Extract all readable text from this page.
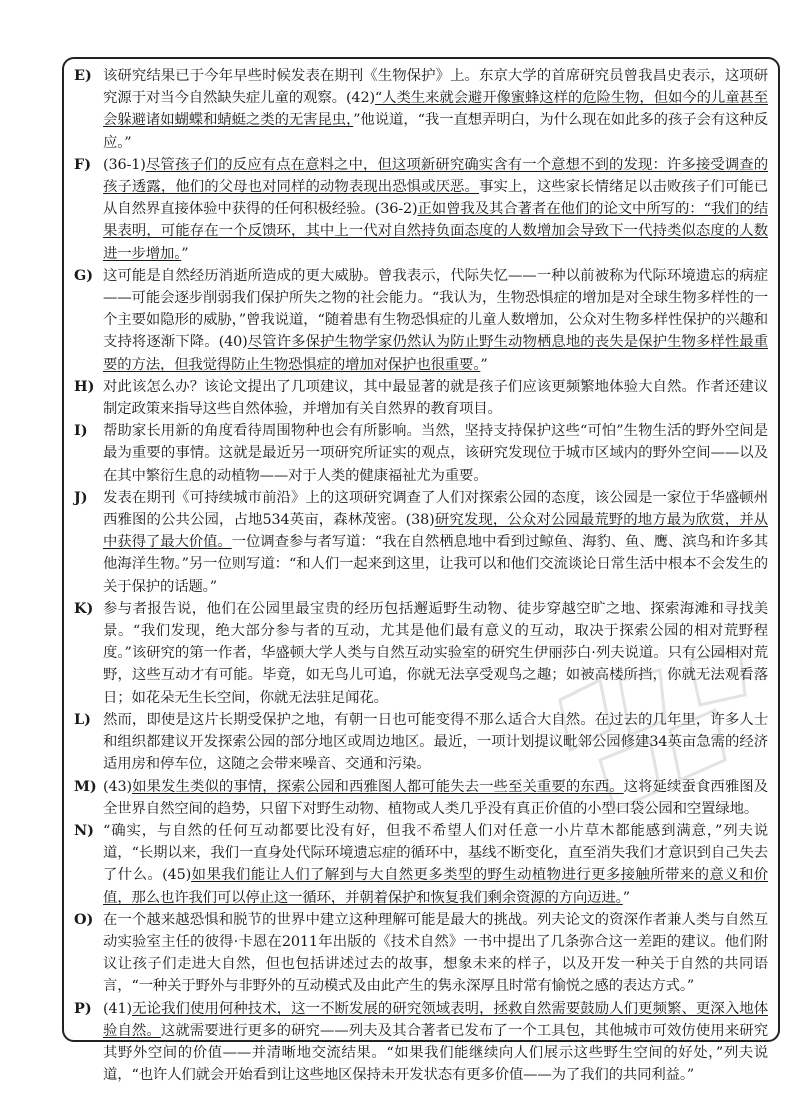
E) 该研究结果已于今年早些时候发表在期刊《生物保护》上。东京大学的首席研究员曾我昌史表示，这项研究源于对当今自然缺失症儿童的观察。(42)“人类生来就会避开像蜜蜂这样的危险生物，但如今的儿童甚至会躲避诸如蝴蝶和蜻蜓之类的无害昆虫，”他说道，“我一直想弄明白，为什么现在如此多的孩子会有这种反应。”
F) (36-1)尽管孩子们的反应有点在意料之中，但这项新研究确实含有一个意想不到的发现：许多接受调查的孩子透露，他们的父母也对同样的动物表现出恐惧或厌恶。事实上，这些家长情绪足以击败孩子们可能已从自然界直接体验中获得的任何积极经验。(36-2)正如曾我及其合著者在他们的论文中所写的：“我们的结果表明，可能存在一个反馈环，其中上一代对自然持负面态度的人数增加会导致下一代持类似态度的人数进一步增加。”
G) 这可能是自然经历消逝所造成的更大威胁。曾我表示，代际失忆——一种以前被称为代际环境遗忘的病症——可能会逐步削弱我们保护所失之物的社会能力。“我认为，生物恐惧症的增加是对全球生物多样性的一个主要如隐形的威胁，”曾我说道，“随着患有生物恐惧症的儿童人数增加，公众对生物多样性保护的兴趣和支持将逐渐下降。(40)尽管许多保护生物学家仍然认为防止野生动物栖息地的丧失是保护生物多样性最重要的方法，但我觉得防止生物恐惧症的增加对保护也很重要。”
H) 对此该怎么办？该论文提出了几项建议，其中最显著的就是孩子们应该更频繁地体验大自然。作者还建议制定政策来指导这些自然体验，并增加有关自然界的教育项目。
I)	帮助家长用新的角度看待周围物种也会有所影响。当然，坚持支持保护这些“可怕”生物生活的野外空间是最为重要的事情。这就是最近另一项研究所证实的观点，该研究发现位于城市区域内的野外空间——以及在其中繁衍生息的动植物——对于人类的健康福祉尤为重要。
J)	发表在期刊《可持续城市前沿》上的这项研究调查了人们对探索公园的态度，该公园是一家位于华盛顿州西雅图的公共公园，占地534英亩，森林茂密。(38)研究发现，公众对公园最荒野的地方最为欣赏，并从中获得了最大价值。一位调查参与者写道：“我在自然栖息地中看到过鲸鱼、海豹、鱼、鹰、滨鸟和许多其他海洋生物。”另一位则写道：“和人们一起来到这里，让我可以和他们交流谈论日常生活中根本不会发生的关于保护的话题。”
K) 参与者报告说，他们在公园里最宝贵的经历包括邂逅野生动物、徒步穿越空旷之地、探索海滩和寻找美景。“我们发现，绝大部分参与者的互动，尤其是他们最有意义的互动，取决于探索公园的相对荒野程度。”该研究的第一作者，华盛顿大学人类与自然互动实验室的研究生伊丽莎白·列夫说道。只有公园相对荒野，这些互动才有可能。毕竟，如无鸟儿可追，你就无法享受观鸟之趣；如被高楼所挡，你就无法观看落日；如花朵无生长空间，你就无法驻足闻花。
L) 然而，即使是这片长期受保护之地，有朝一日也可能变得不那么适合大自然。在过去的几年里，许多人士和组织都建议开发探索公园的部分地区或周边地区。最近，一项计划提议毗邻公园修建34英亩急需的经济适用房和停车位，这随之会带来噪音、交通和污染。
M) (43)如果发生类似的事情，探索公园和西雅图人都可能失去一些至关重要的东西。这将延续蚕食西雅图及全世界自然空间的趋势，只留下对野生动物、植物或人类几乎没有真正价值的小型口袋公园和空置绿地。
N) “确实，与自然的任何互动都要比没有好，但我不希望人们对任意一小片草木都能感到满意，”列夫说道，“长期以来，我们一直身处代际环境遗忘症的循环中，基线不断变化，直至消失我们才意识到自己失去了什么。(45)如果我们能让人们了解到与大自然更多类型的野生动植物进行更多接触所带来的意义和价值，那么也许我们可以停止这一循环，并朝着保护和恢复我们剩余资源的方向迈进。”
O) 在一个越来越恐惧和脱节的世界中建立这种理解可能是最大的挑战。列夫论文的资深作者兼人类与自然互动实验室主任的彼得·卡恩在2011年出版的《技术自然》一书中提出了几条弥合这一差距的建议。他们附议让孩子们走进大自然，但也包括讲述过去的故事，想象未来的样子，以及开发一种关于自然的共同语言，“一种关于野外与非野外的互动模式及由此产生的隽永深厚且时常有愉悦之感的表达方式。”
P) (41)无论我们使用何种技术，这一不断发展的研究领域表明，拯救自然需要鼓励人们更频繁、更深入地体验自然。这就需要进行更多的研究——列夫及其合著者已发布了一个工具包，其他城市可效仿使用来研究其野外空间的价值——并清晰地交流结果。“如果我们能继续向人们展示这些野生空间的好处，”列夫说道，“也许人们就会开始看到让这些地区保持未开发状态有更多价值——为了我们的共同利益。”
